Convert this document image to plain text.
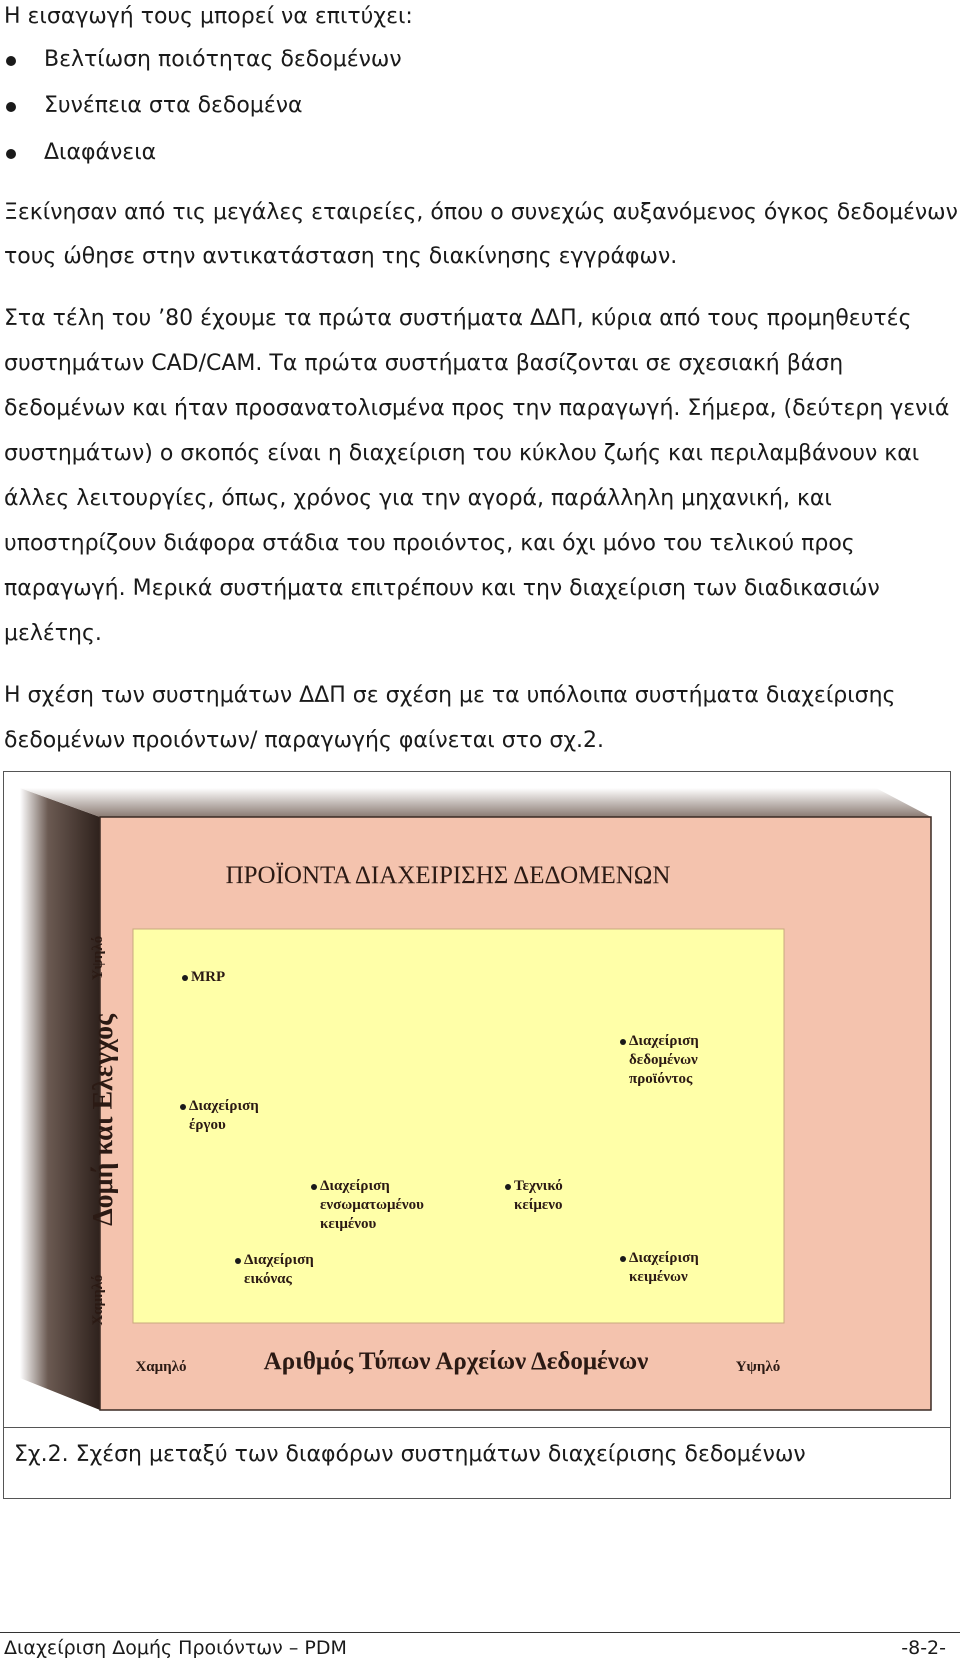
Η εισαγωγή τους μπορεί να επιτύχει:
Βελτίωση ποιότητας δεδομένων
Συνέπεια στα δεδομένα
Διαφάνεια
Ξεκίνησαν από τις μεγάλες εταιρείες, όπου ο συνεχώς αυξανόμενος όγκος δεδομένων
τους ώθησε στην αντικατάσταση της διακίνησης εγγράφων.
Στα τέλη του ’80 έχουμε τα πρώτα συστήματα ΔΔΠ, κύρια από τους προμηθευτές
συστημάτων CAD/CAM. Τα πρώτα συστήματα βασίζονται σε σχεσιακή βάση
δεδομένων και ήταν προσανατολισμένα προς την παραγωγή. Σήμερα, (δεύτερη γενιά
συστημάτων) ο σκοπός είναι η διαχείριση του κύκλου ζωής και περιλαμβάνουν και
άλλες λειτουργίες, όπως, χρόνος για την αγορά, παράλληλη μηχανική, και
υποστηρίζουν διάφορα στάδια του προιόντος, και όχι μόνο του τελικού προς
παραγωγή. Μερικά συστήματα επιτρέπουν και την διαχείριση των διαδικασιών
μελέτης.
Η σχέση των συστημάτων ΔΔΠ σε σχέση με τα υπόλοιπα συστήματα διαχείρισης
δεδομένων προιόντων/ παραγωγής φαίνεται στο σχ.2.
ΠΡΟΪΟΝΤΑ ΔΙΑΧΕΙΡΙΣΗΣ ΔΕΔΟΜΕΝΩΝ
Υψηλό
Δομή και Ελεγχος
Χαμηλό
Χαμηλό	Αριθμός Τύπων Αρχείων Δεδομένων	Υψηλό
MRP
Διαχείριση
έργου
Διαχείριση
ενσωματωμένου
κειμένου
Διαχείριση
εικόνας
Τεχνικό
κείμενο
Διαχείριση
δεδομένων
προϊόντος
Διαχείριση
κειμένων
Σχ.2. Σχέση μεταξύ των διαφόρων συστημάτων διαχείρισης δεδομένων
Διαχείριση Δομής Προιόντων – PDM	-8-2-
